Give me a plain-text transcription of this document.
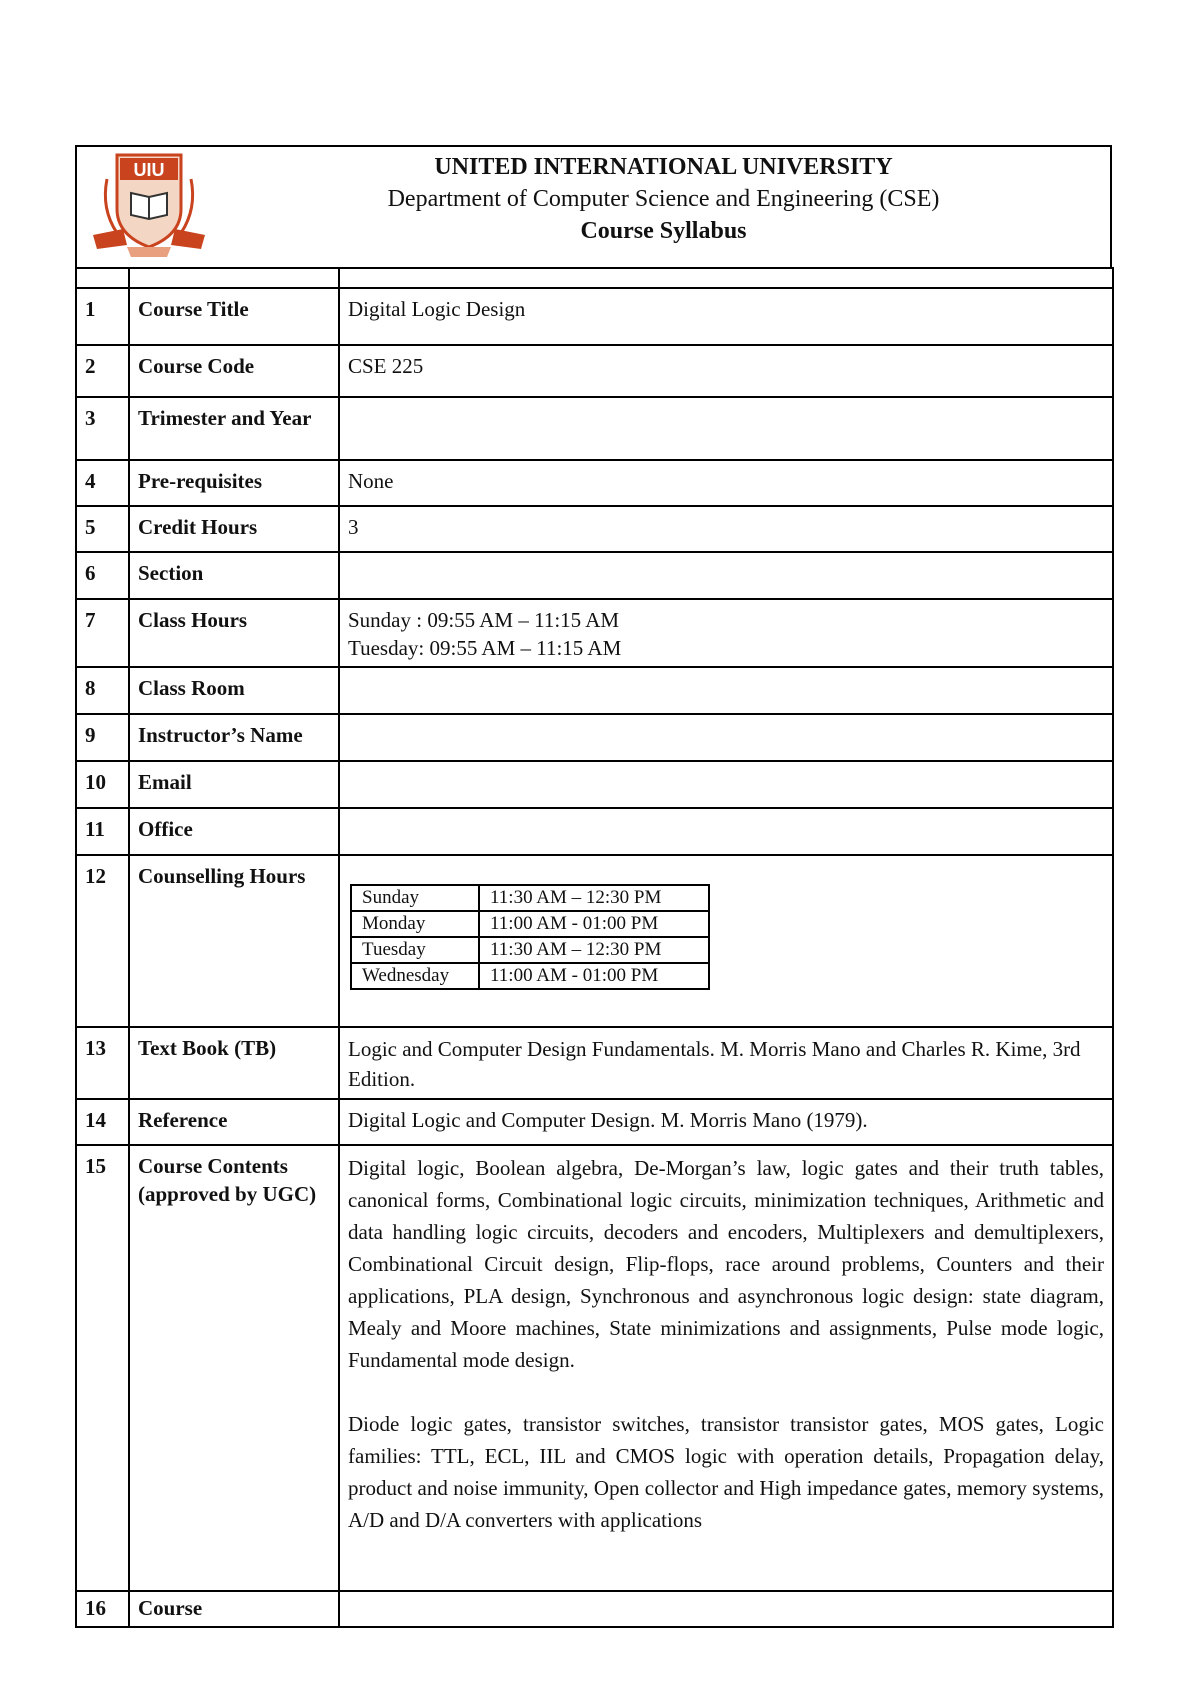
UIU	UNITED INTERNATIONAL UNIVERSITY
Department of Computer Science and Engineering (CSE)
Course Syllabus

1	Course Title	Digital Logic Design
2	Course Code	CSE 225
3	Trimester and Year	
4	Pre-requisites	None
5	Credit Hours	3
6	Section	
7	Class Hours	Sunday : 09:55 AM – 11:15 AM
Tuesday: 09:55 AM – 11:15 AM

8	Class Room	
9	Instructor’s Name	
10	Email	
11	Office	
12	Counselling Hours	
Sunday	11:30 AM – 12:30 PM
Monday	11:00 AM - 01:00 PM
Tuesday	11:30 AM – 12:30 PM
Wednesday	11:00 AM - 01:00 PM

13	Text Book (TB)	Logic and Computer Design Fundamentals. M. Morris Mano and Charles R. Kime, 3rd Edition.
14	Reference	Digital Logic and Computer Design. M. Morris Mano (1979).
15	Course Contents (approved by UGC)	
Digital logic, Boolean algebra, De-Morgan’s law, logic gates and their truth tables, canonical forms, Combinational logic circuits, minimization techniques, Arithmetic and data handling logic circuits, decoders and encoders, Multiplexers and demultiplexers, Combinational Circuit design, Flip-flops, race around problems, Counters and their applications, PLA design, Synchronous and asynchronous logic design: state diagram, Mealy and Moore machines, State minimizations and assignments, Pulse mode logic, Fundamental mode design.
Diode logic gates, transistor switches, transistor transistor gates, MOS gates, Logic families: TTL, ECL, IIL and CMOS logic with operation details, Propagation delay, product and noise immunity, Open collector and High impedance gates, memory systems, A/D and D/A converters with applications

16	Course	
